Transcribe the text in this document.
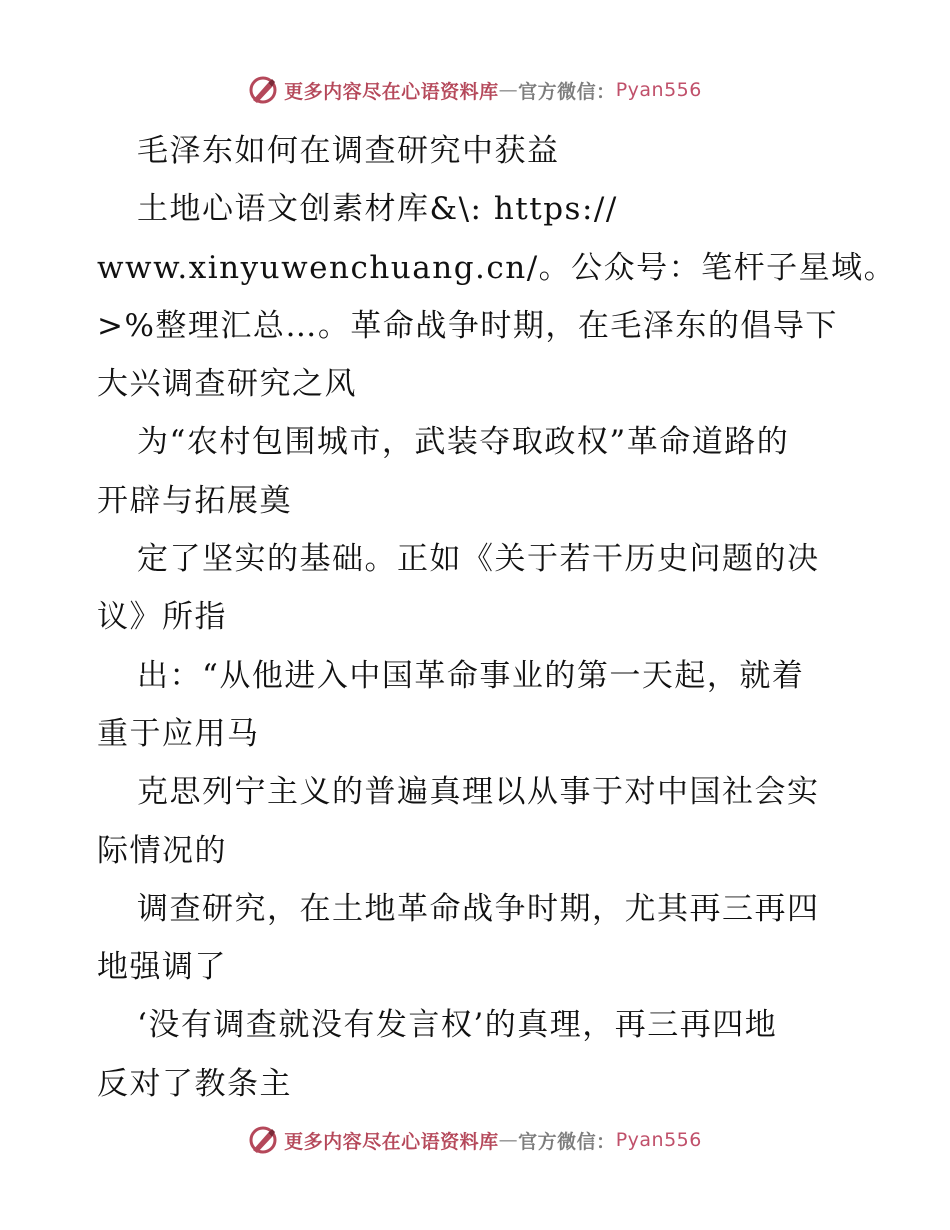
更多内容尽在心语资料库 — 官方微信： Pyan556
毛泽东如何在调查研究中获益
土地心语文创素材库&\: https://
www.xinyuwenchuang.cn/。公众号：笔杆子星域。
>%整理汇总…。革命战争时期，在毛泽东的倡导下
大兴调查研究之风
为“农村包围城市，武装夺取政权”革命道路的
开辟与拓展奠
定了坚实的基础。正如《关于若干历史问题的决
议》所指
出：“从他进入中国革命事业的第一天起，就着
重于应用马
克思列宁主义的普遍真理以从事于对中国社会实
际情况的
调查研究，在土地革命战争时期，尤其再三再四
地强调了
‘没有调查就没有发言权’的真理，再三再四地
反对了教条主
更多内容尽在心语资料库 — 官方微信： Pyan556
